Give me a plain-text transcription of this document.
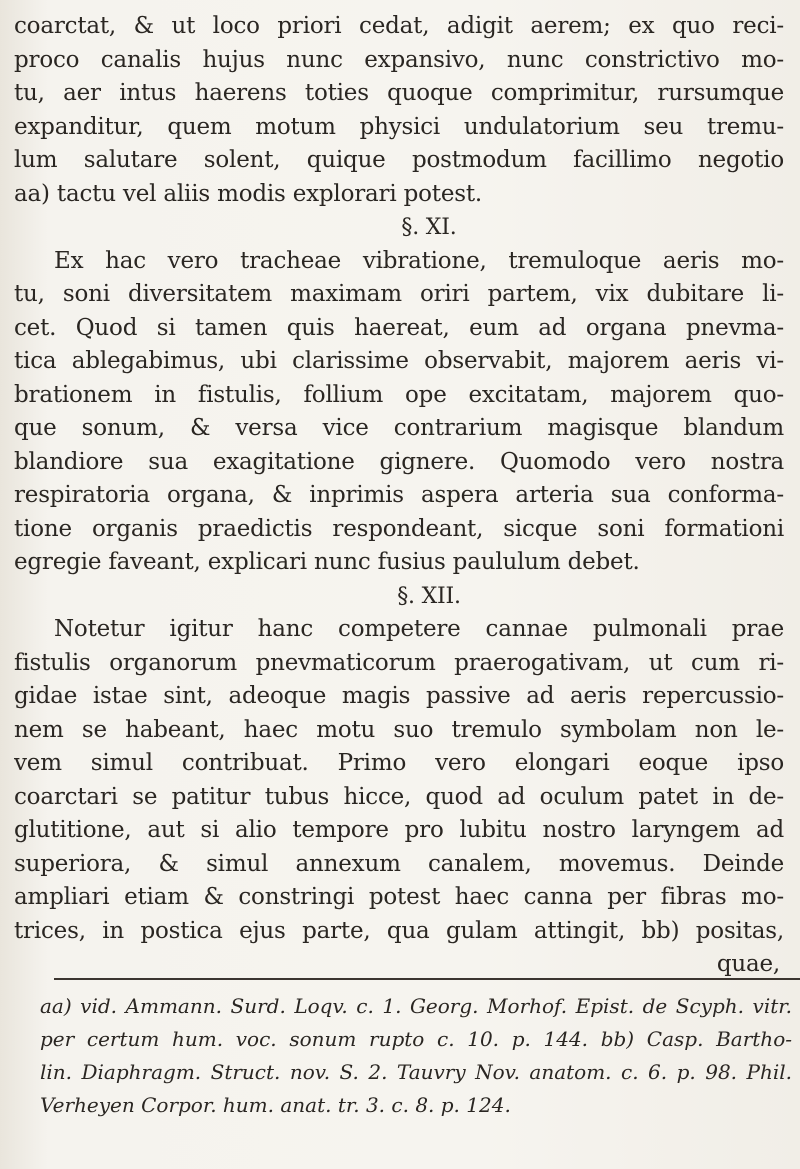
coarctat, & ut loco priori cedat, adigit aerem; ex quo reci-
proco canalis hujus nunc expansivo, nunc constrictivo mo-
tu, aer intus haerens toties quoque comprimitur, rursumque
expanditur, quem motum physici undulatorium seu tremu-
lum salutare solent, quique postmodum facillimo negotio
aa) tactu vel aliis modis explorari potest.
§. XI.
Ex hac vero tracheae vibratione, tremuloque aeris mo-
tu, soni diversitatem maximam oriri partem, vix dubitare li-
cet. Quod si tamen quis haereat, eum ad organa pnevma-
tica ablegabimus, ubi clarissime observabit, majorem aeris vi-
brationem in fistulis, follium ope excitatam, majorem quo-
que sonum, & versa vice contrarium magisque blandum
blandiore sua exagitatione gignere. Quomodo vero nostra
respiratoria organa, & inprimis aspera arteria sua conforma-
tione organis praedictis respondeant, sicque soni formationi
egregie faveant, explicari nunc fusius paululum debet.
§. XII.
Notetur igitur hanc competere cannae pulmonali prae
fistulis organorum pnevmaticorum praerogativam, ut cum ri-
gidae istae sint, adeoque magis passive ad aeris repercussio-
nem se habeant, haec motu suo tremulo symbolam non le-
vem simul contribuat. Primo vero elongari eoque ipso
coarctari se patitur tubus hicce, quod ad oculum patet in de-
glutitione, aut si alio tempore pro lubitu nostro laryngem ad
superiora, & simul annexum canalem, movemus. Deinde
ampliari etiam & constringi potest haec canna per fibras mo-
trices, in postica ejus parte, qua gulam attingit, bb) positas,
quae,
aa) vid. Ammann. Surd. Loqv. c. 1. Georg. Morhof. Epist. de Scyph. vitr.
per certum hum. voc. sonum rupto c. 10. p. 144. bb) Casp. Bartho-
lin. Diaphragm. Struct. nov. S. 2. Tauvry Nov. anatom. c. 6. p. 98. Phil.
Verheyen Corpor. hum. anat. tr. 3. c. 8. p. 124.
